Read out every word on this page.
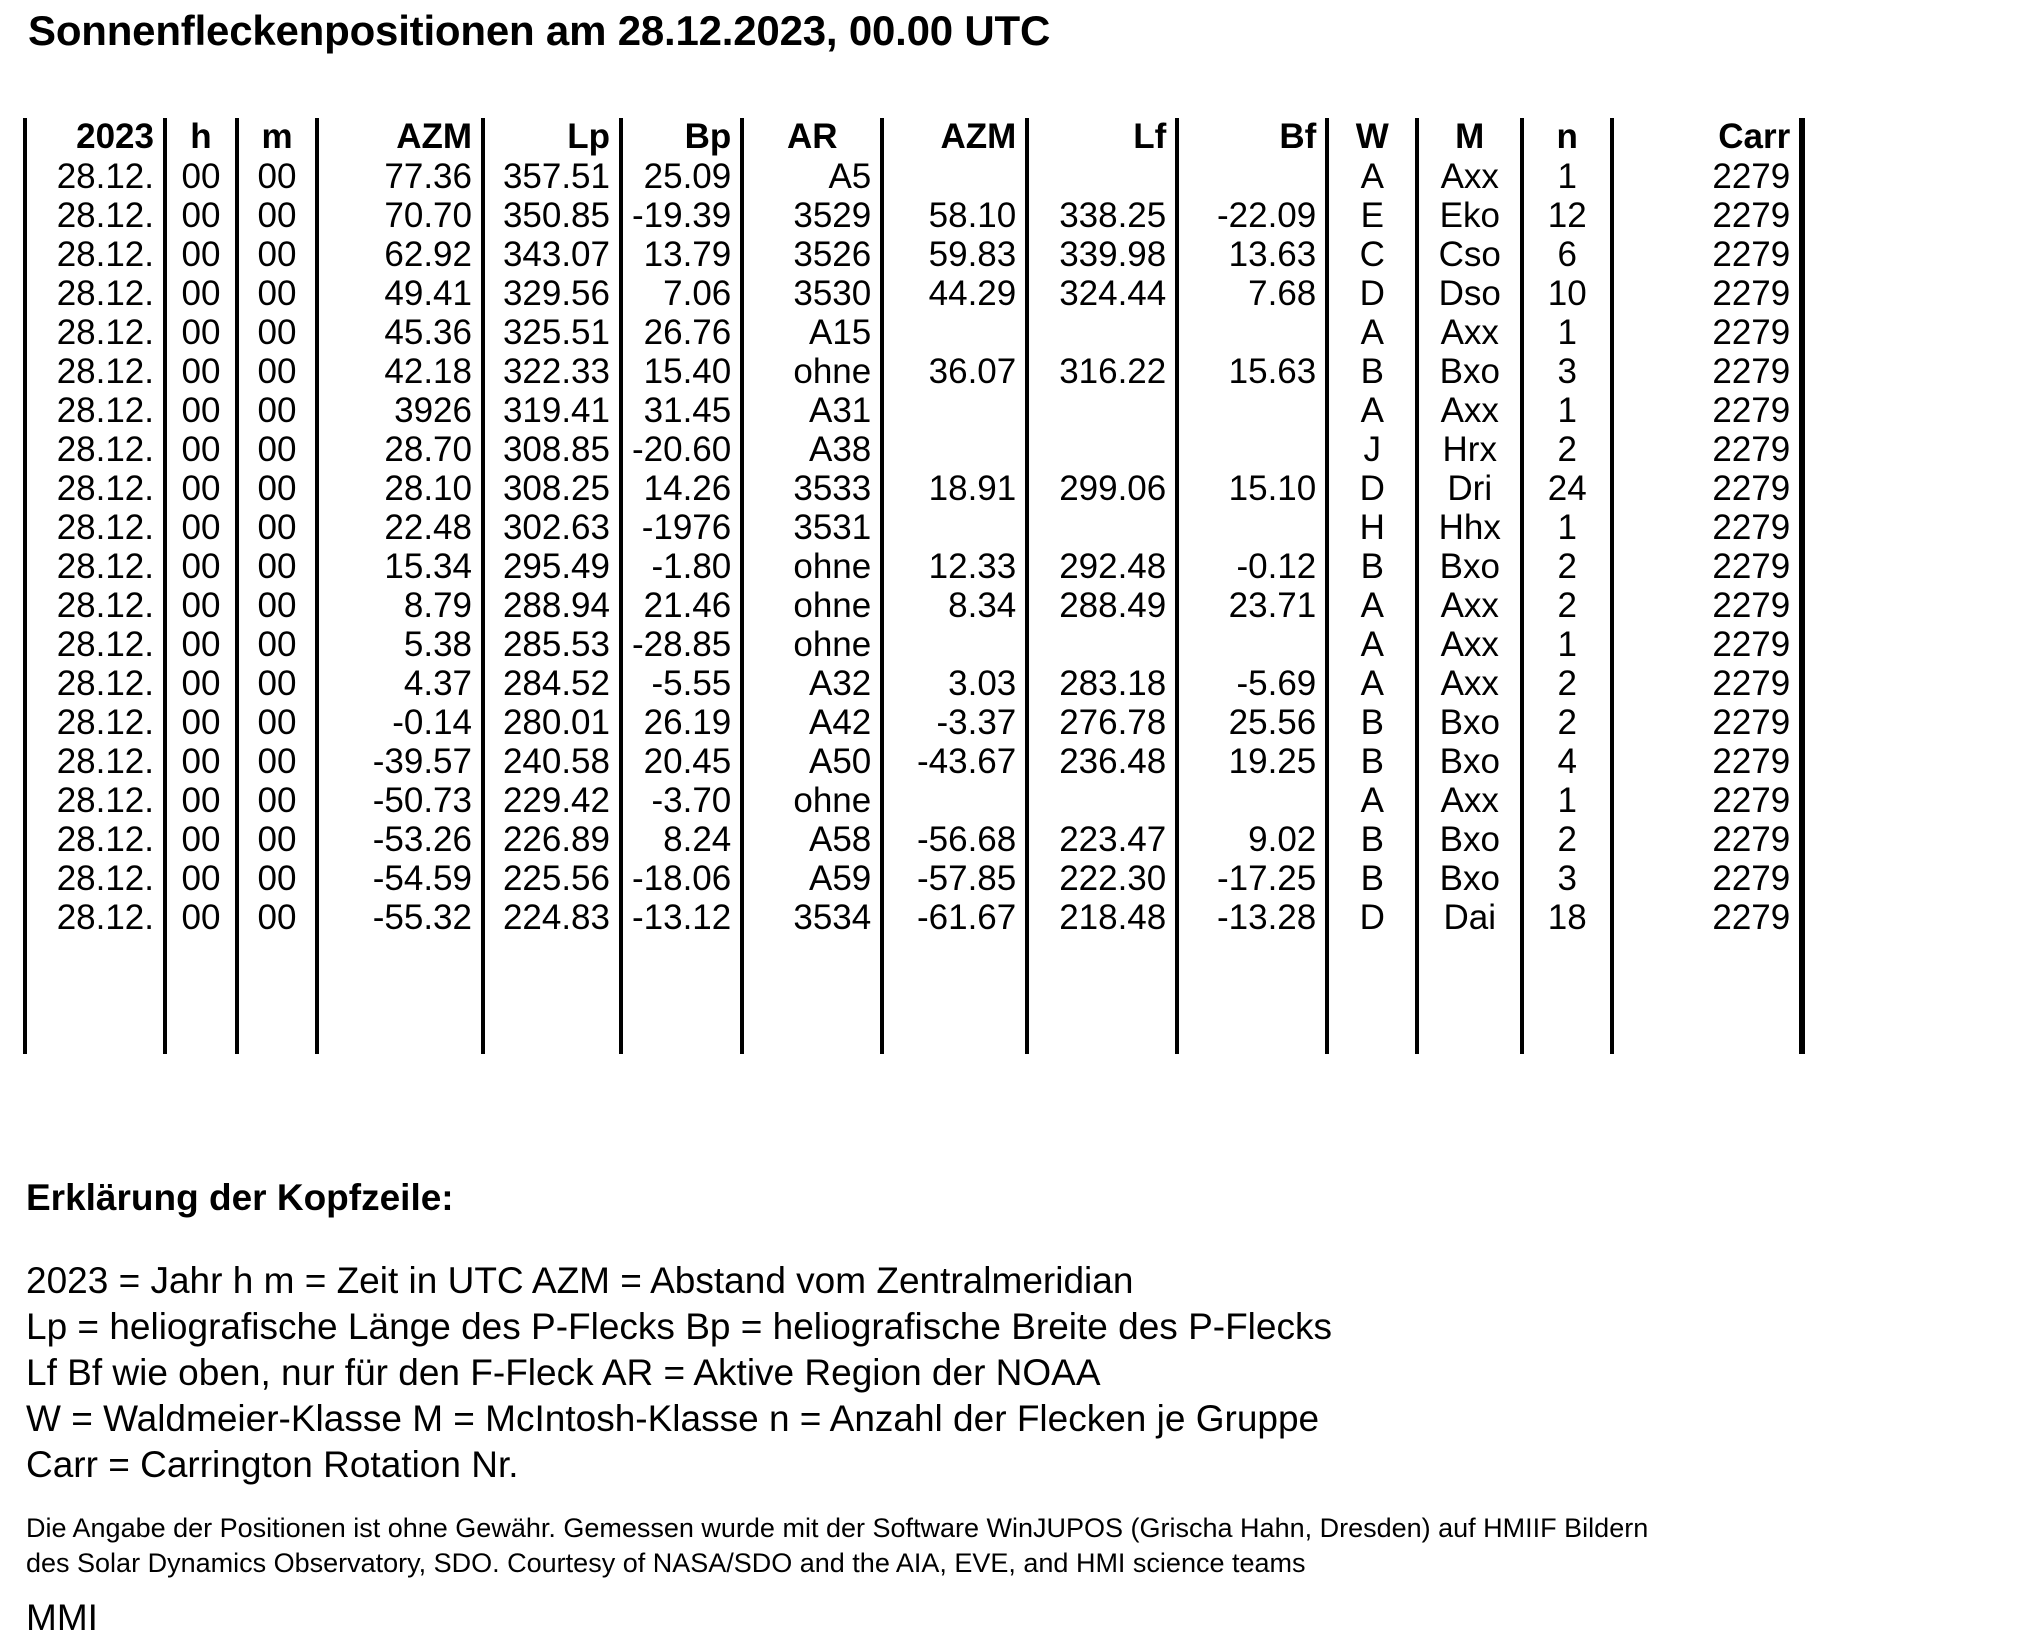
Sonnenfleckenpositionen am 28.12.2023, 00.00 UTC
2023	h	m	AZM	Lp	Bp	AR	AZM	Lf	Bf	W	M	n	Carr
28.12.	00	00	77.36	357.51	25.09	A5				A	Axx	1	2279
28.12.	00	00	70.70	350.85	-19.39	3529	58.10	338.25	-22.09	E	Eko	12	2279
28.12.	00	00	62.92	343.07	13.79	3526	59.83	339.98	13.63	C	Cso	6	2279
28.12.	00	00	49.41	329.56	7.06	3530	44.29	324.44	7.68	D	Dso	10	2279
28.12.	00	00	45.36	325.51	26.76	A15				A	Axx	1	2279
28.12.	00	00	42.18	322.33	15.40	ohne	36.07	316.22	15.63	B	Bxo	3	2279
28.12.	00	00	3926	319.41	31.45	A31				A	Axx	1	2279
28.12.	00	00	28.70	308.85	-20.60	A38				J	Hrx	2	2279
28.12.	00	00	28.10	308.25	14.26	3533	18.91	299.06	15.10	D	Dri	24	2279
28.12.	00	00	22.48	302.63	-1976	3531				H	Hhx	1	2279
28.12.	00	00	15.34	295.49	-1.80	ohne	12.33	292.48	-0.12	B	Bxo	2	2279
28.12.	00	00	8.79	288.94	21.46	ohne	8.34	288.49	23.71	A	Axx	2	2279
28.12.	00	00	5.38	285.53	-28.85	ohne				A	Axx	1	2279
28.12.	00	00	4.37	284.52	-5.55	A32	3.03	283.18	-5.69	A	Axx	2	2279
28.12.	00	00	-0.14	280.01	26.19	A42	-3.37	276.78	25.56	B	Bxo	2	2279
28.12.	00	00	-39.57	240.58	20.45	A50	-43.67	236.48	19.25	B	Bxo	4	2279
28.12.	00	00	-50.73	229.42	-3.70	ohne				A	Axx	1	2279
28.12.	00	00	-53.26	226.89	8.24	A58	-56.68	223.47	9.02	B	Bxo	2	2279
28.12.	00	00	-54.59	225.56	-18.06	A59	-57.85	222.30	-17.25	B	Bxo	3	2279
28.12.	00	00	-55.32	224.83	-13.12	3534	-61.67	218.48	-13.28	D	Dai	18	2279

Erklärung der Kopfzeile:
2023 = Jahr h m = Zeit in UTC AZM = Abstand vom Zentralmeridian
Lp = heliografische Länge des P-Flecks Bp = heliografische Breite des P-Flecks
Lf Bf wie oben, nur für den F-Fleck AR = Aktive Region der NOAA
W = Waldmeier-Klasse M = McIntosh-Klasse n = Anzahl der Flecken je Gruppe
Carr = Carrington Rotation Nr.
Die Angabe der Positionen ist ohne Gewähr. Gemessen wurde mit der Software WinJUPOS (Grischa Hahn, Dresden) auf HMIIF Bildern
des Solar Dynamics Observatory, SDO. Courtesy of NASA/SDO and the AIA, EVE, and HMI science teams
MMI
